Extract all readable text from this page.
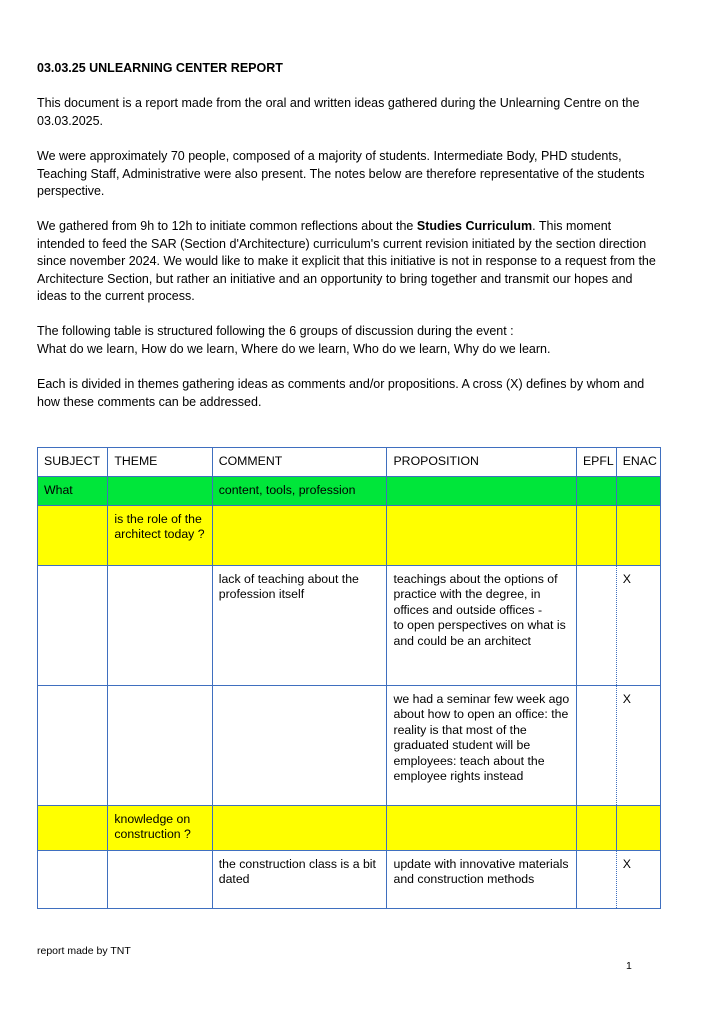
03.03.25 UNLEARNING CENTER REPORT

This document is a report made from the oral and written ideas gathered during the Unlearning Centre on the 03.03.2025.

We were approximately 70 people, composed of a majority of students. Intermediate Body, PHD students, Teaching Staff, Administrative were also present. The notes below are therefore representative of the students perspective.

We gathered from 9h to 12h to initiate common reflections about the Studies Curriculum. This moment intended to feed the SAR (Section d'Architecture) curriculum's current revision initiated by the section direction since november 2024. We would like to make it explicit that this initiative is not in response to a request from the Architecture Section, but rather an initiative and an opportunity to bring together and transmit our hopes and ideas to the current process.

The following table is structured following the 6 groups of discussion during the event :
What do we learn, How do we learn, Where do we learn, Who do we learn, Why do we learn.

Each is divided in themes gathering ideas as comments and/or propositions. A cross (X) defines by whom and how these comments can be addressed.

SUBJECT	THEME	COMMENT	PROPOSITION	EPFL	ENAC
What		content, tools, profession			
	is the role of the architect today ?				
		lack of teaching about the profession itself	teachings about the options of practice with the degree, in offices and outside offices -
to open perspectives on what is and could be an architect		X
			we had a seminar few week ago about how to open an office: the reality is that most of the graduated student will be employees: teach about the employee rights instead		X
	knowledge on construction ?				
		the construction class is a bit dated	update with innovative materials and construction methods		X
report made by TNT
1
